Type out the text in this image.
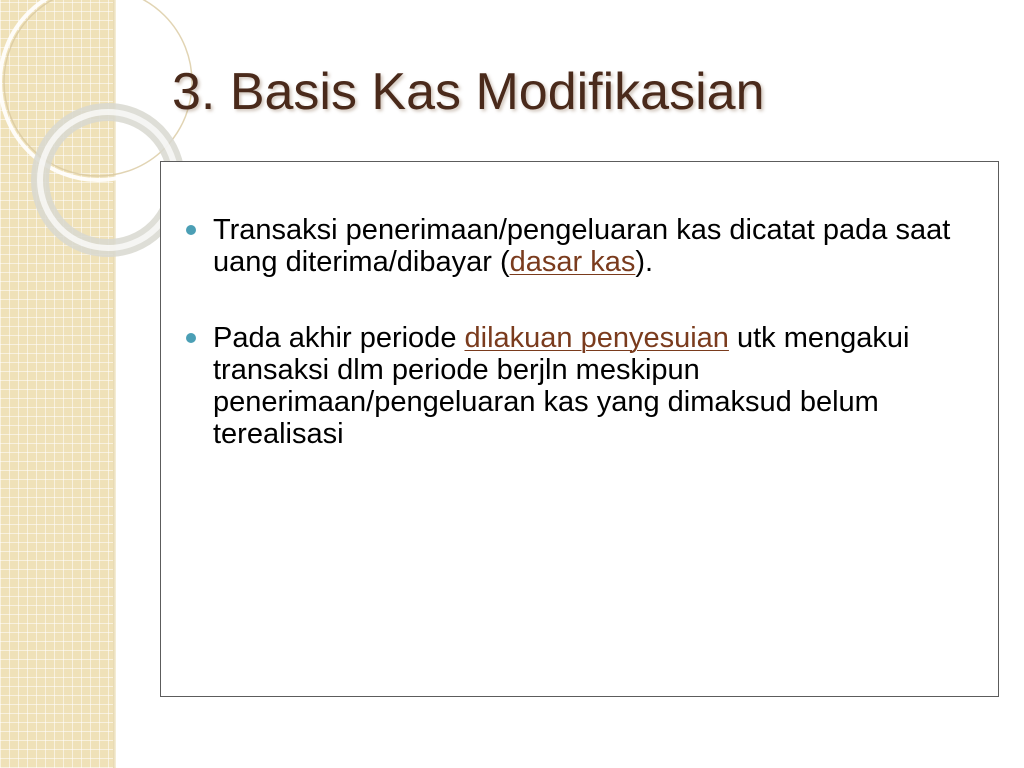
3. Basis Kas Modifikasian
Transaksi penerimaan/pengeluaran kas dicatat pada saat uang diterima/dibayar (dasar kas).
Pada akhir periode dilakuan penyesuian utk mengakui transaksi dlm periode berjln meskipun penerimaan/pengeluaran kas yang dimaksud belum terealisasi
